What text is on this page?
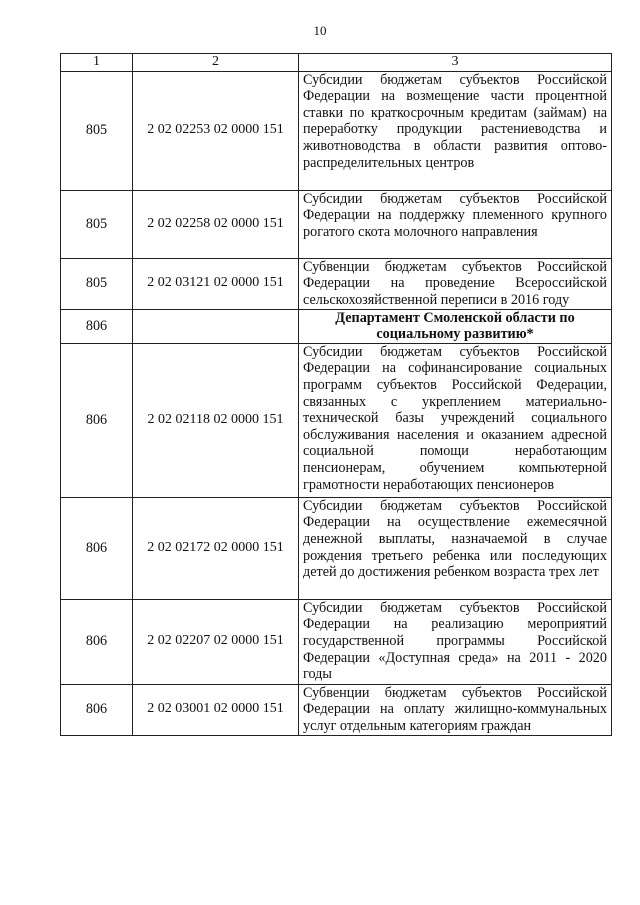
10
1	2	3
805	2 02 02253 02 0000 151	Субсидии бюджетам субъектов Российской Федерации на возмещение части процентной ставки по краткосрочным кредитам (займам) на переработку продукции растениеводства и животноводства в области развития оптово-распределительных центров
805	2 02 02258 02 0000 151	Субсидии бюджетам субъектов Российской Федерации на поддержку племенного крупного рогатого скота молочного направления
805	2 02 03121 02 0000 151	Субвенции бюджетам субъектов Российской Федерации на проведение Всероссийской сельскохозяйственной переписи в 2016 году
806		Департамент Смоленской области по социальному развитию*
806	2 02 02118 02 0000 151	Субсидии бюджетам субъектов Российской Федерации на софинансирование социальных программ субъектов Российской Федерации, связанных с укреплением материально-технической базы учреждений социального обслуживания населения и оказанием адресной социальной помощи неработающим пенсионерам, обучением компьютерной грамотности неработающих пенсионеров
806	2 02 02172 02 0000 151	Субсидии бюджетам субъектов Российской Федерации на осуществление ежемесячной денежной выплаты, назначаемой в случае рождения третьего ребенка или последующих детей до достижения ребенком возраста трех лет
806	2 02 02207 02 0000 151	Субсидии бюджетам субъектов Российской Федерации на реализацию мероприятий государственной программы Российской Федерации «Доступная среда» на 2011 - 2020 годы
806	2 02 03001 02 0000 151	Субвенции бюджетам субъектов Российской Федерации на оплату жилищно-коммунальных услуг отдельным категориям граждан
